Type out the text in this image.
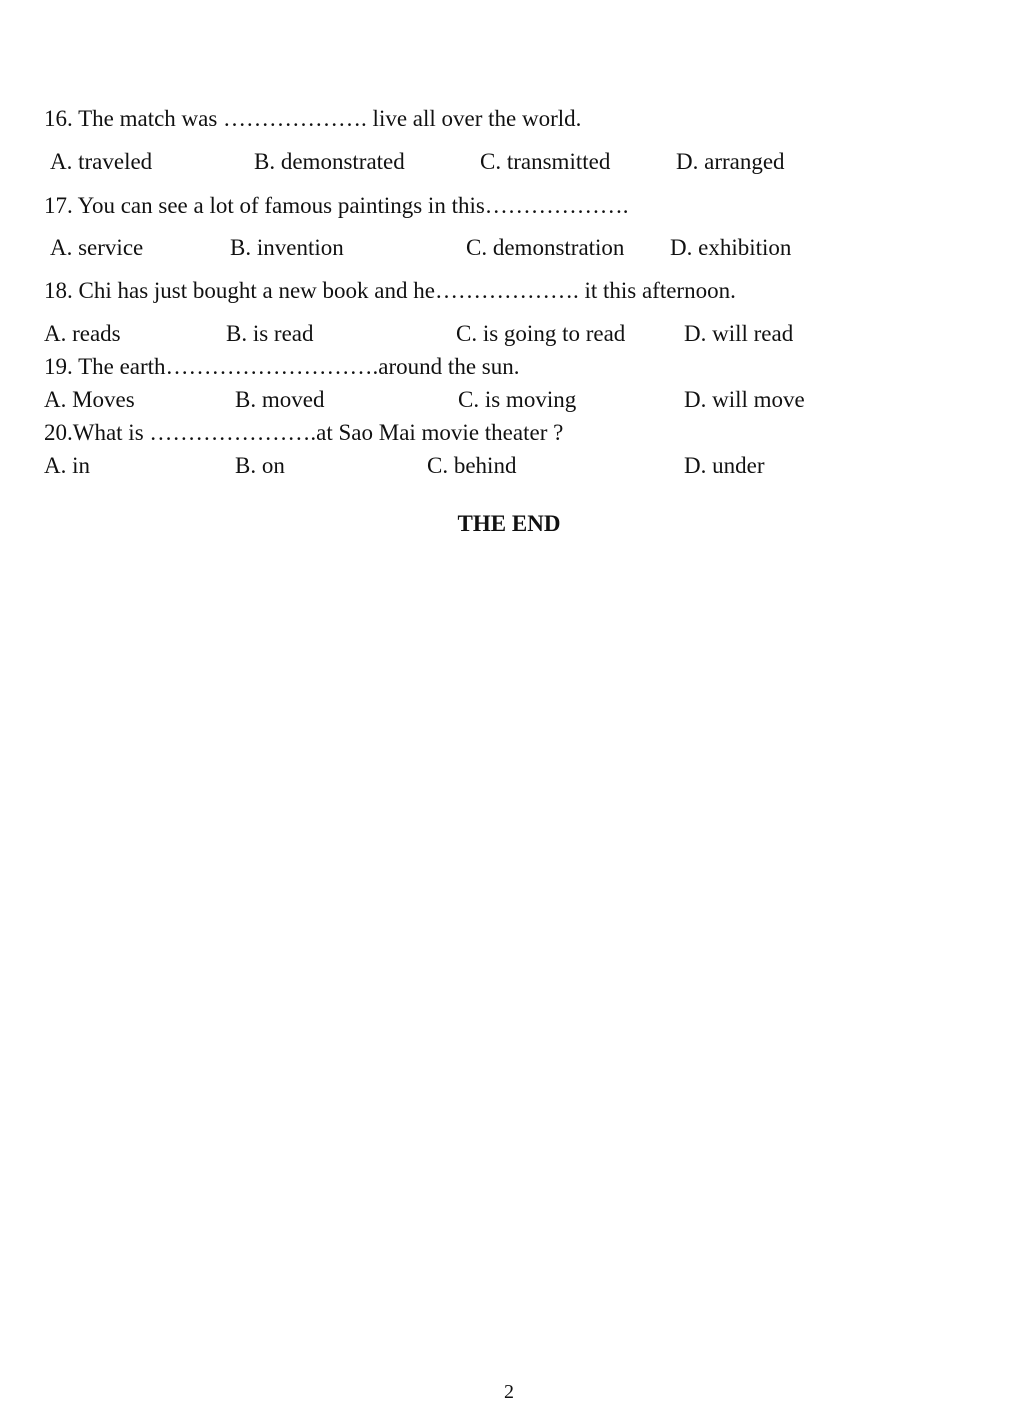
16. The match was ………………. live all over the world.
A. traveled	B. demonstrated	C. transmitted	D. arranged
17. You can see a lot of famous paintings in this……………….
A. service	B. invention	C. demonstration D. exhibition
18. Chi has just bought a new book and he………………. it this afternoon.
A. reads	B. is read	C. is going to read	D. will read
19. The earth……………………….around the sun.
A. Moves	B. moved	C. is moving	D. will move
20.What is ………………….at Sao Mai movie theater ?
A. in	B. on	C. behind	D. under
THE END
2
